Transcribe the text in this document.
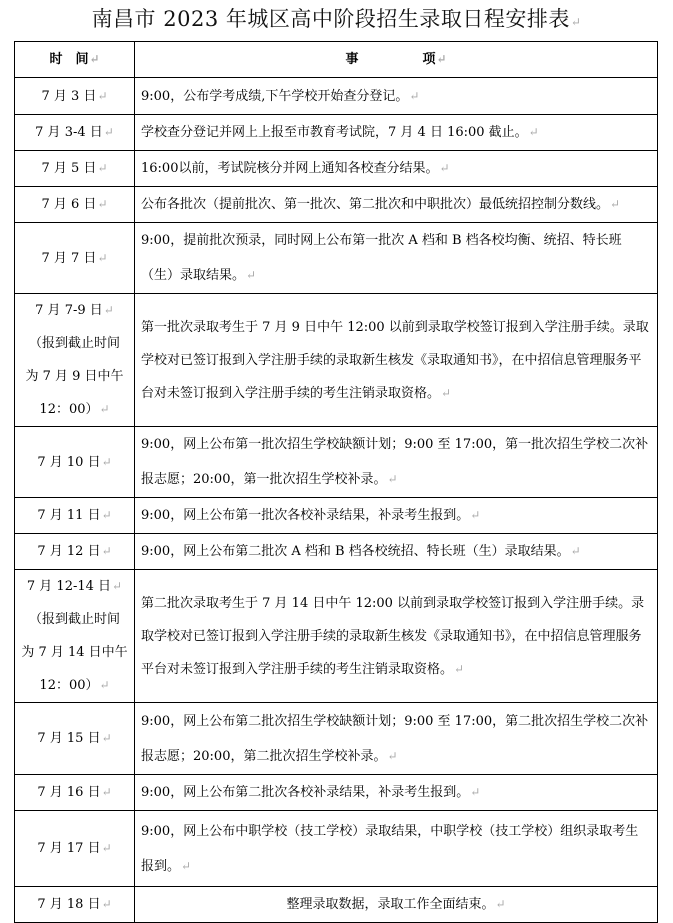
南昌市 2023 年城区高中阶段招生录取日程安排表↵
时　间↵	事 项↵

7 月 3 日↵	9:00，公布学考成绩,下午学校开始查分登记。↵

7 月 3-4 日↵	学校查分登记并网上上报至市教育考试院，7 月 4 日 16:00 截止。↵

7 月 5 日↵	16:00以前，考试院核分并网上通知各校查分结果。↵

7 月 6 日↵	公布各批次（提前批次、第一批次、第二批次和中职批次）最低统招控制分数线。↵

7 月 7 日↵	9:00，提前批次预录，同时网上公布第一批次 A 档和 B 档各校均衡、统招、特长班（生）录取结果。↵

7 月 7-9 日↵
（报到截止时间
为 7 月 9 日中午
12：00）↵	第一批次录取考生于 7 月 9 日中午 12:00 以前到录取学校签订报到入学注册手续。录取学校对已签订报到入学注册手续的录取新生核发《录取通知书》，在中招信息管理服务平台对未签订报到入学注册手续的考生注销录取资格。↵

7 月 10 日↵	9:00，网上公布第一批次招生学校缺额计划；9:00 至 17:00，第一批次招生学校二次补报志愿；20:00，第一批次招生学校补录。↵

7 月 11 日↵	9:00，网上公布第一批次各校补录结果，补录考生报到。↵

7 月 12 日↵	9:00，网上公布第二批次 A 档和 B 档各校统招、特长班（生）录取结果。↵

7 月 12-14 日↵
（报到截止时间
为 7 月 14 日中午
12：00）↵	第二批次录取考生于 7 月 14 日中午 12:00 以前到录取学校签订报到入学注册手续。录取学校对已签订报到入学注册手续的录取新生核发《录取通知书》，在中招信息管理服务平台对未签订报到入学注册手续的考生注销录取资格。↵

7 月 15 日↵	9:00，网上公布第二批次招生学校缺额计划；9:00 至 17:00，第二批次招生学校二次补报志愿；20:00，第二批次招生学校补录。↵

7 月 16 日↵	9:00，网上公布第二批次各校补录结果，补录考生报到。↵

7 月 17 日↵	9:00，网上公布中职学校（技工学校）录取结果，中职学校（技工学校）组织录取考生报到。↵

7 月 18 日↵	整理录取数据，录取工作全面结束。↵
